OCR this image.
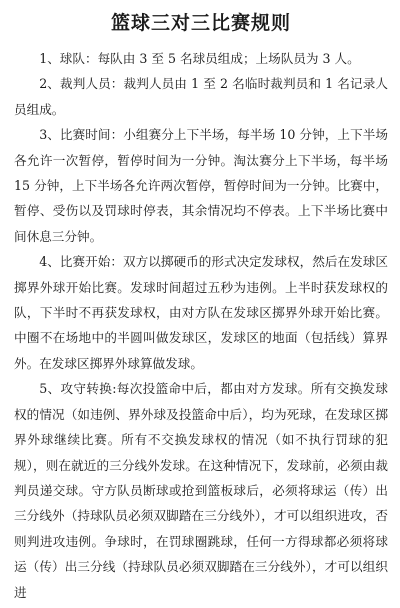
篮球三对三比赛规则

1、球队：每队由 3 至 5 名球员组成；上场队员为 3 人。

2、裁判人员：裁判人员由 1 至 2 名临时裁判员和 1 名记录人员组成。

3、比赛时间：小组赛分上下半场，每半场 10 分钟，上下半场各允许一次暂停，暂停时间为一分钟。淘汰赛分上下半场，每半场 15 分钟，上下半场各允许两次暂停，暂停时间为一分钟。比赛中，暂停、受伤以及罚球时停表，其余情况均不停表。上下半场比赛中间休息三分钟。

4、比赛开始：双方以掷硬币的形式决定发球权，然后在发球区掷界外球开始比赛。发球时间超过五秒为违例。上半时获发球权的队，下半时不再获发球权，由对方队在发球区掷界外球开始比赛。中圈不在场地中的半圆叫做发球区，发球区的地面（包括线）算界外。在发球区掷界外球算做发球。

5、攻守转换:每次投篮命中后，都由对方发球。所有交换发球权的情况（如违例、界外球及投篮命中后），均为死球，在发球区掷界外球继续比赛。所有不交换发球权的情况（如不执行罚球的犯规），则在就近的三分线外发球。在这种情况下，发球前，必须由裁判员递交球。守方队员断球或抢到篮板球后，必须将球运（传）出三分线外（持球队员必须双脚踏在三分线外），才可以组织进攻，否则判进攻违例。争球时，在罚球圈跳球，任何一方得球都必须将球运（传）出三分线（持球队员必须双脚踏在三分线外），才可以组织进
